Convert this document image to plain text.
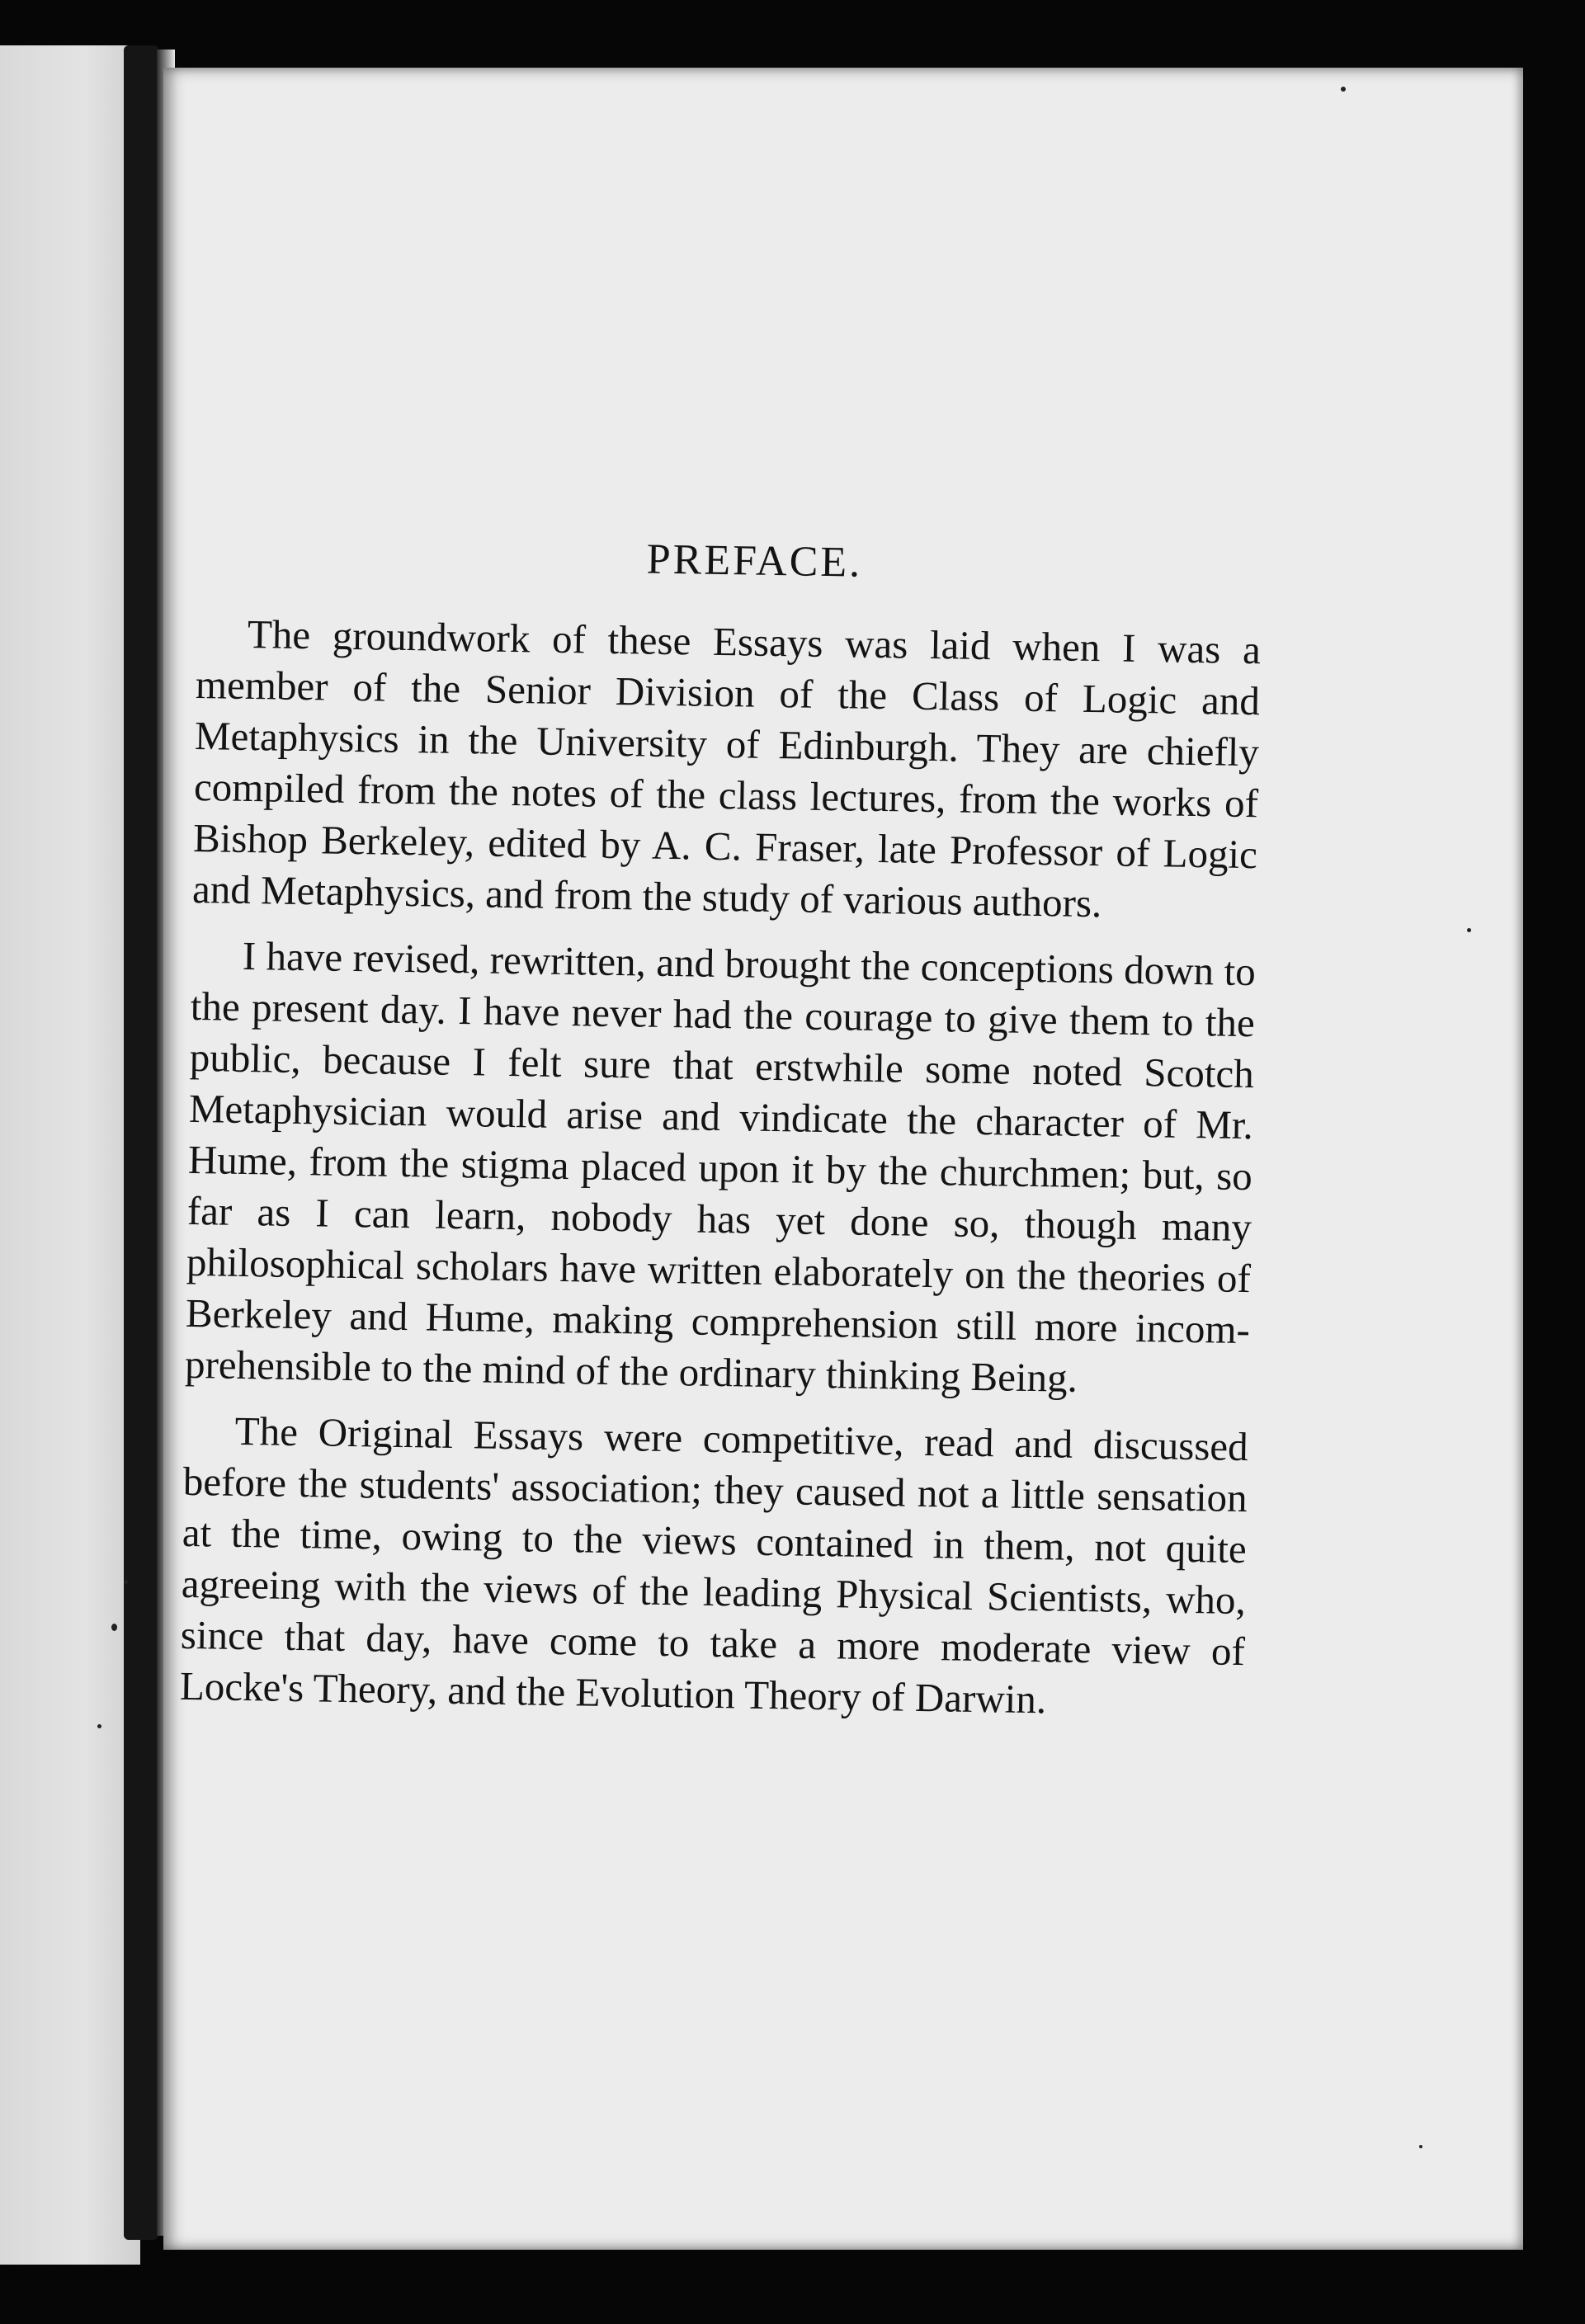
PREFACE.

The groundwork of these Essays was laid when I was a member of the Senior Division of the Class of Logic and Metaphysics in the University of Edinburgh. They are chiefly compiled from the notes of the class lectures, from the works of Bishop Berkeley, edited by A. C. Fraser, late Professor of Logic and Metaphysics, and from the study of various authors.

I have revised, rewritten, and brought the conceptions down to the present day. I have never had the courage to give them to the public, because I felt sure that erstwhile some noted Scotch Metaphysician would arise and vindicate the character of Mr. Hume, from the stigma placed upon it by the churchmen; but, so far as I can learn, nobody has yet done so, though many philosophical scholars have written elaborately on the theories of Berkeley and Hume, making comprehension still more incomprehensible to the mind of the ordinary thinking Being.

The Original Essays were competitive, read and discussed before the students' association; they caused not a little sensation at the time, owing to the views contained in them, not quite agreeing with the views of the leading Physical Scientists, who, since that day, have come to take a more moderate view of Locke's Theory, and the Evolution Theory of Darwin.
